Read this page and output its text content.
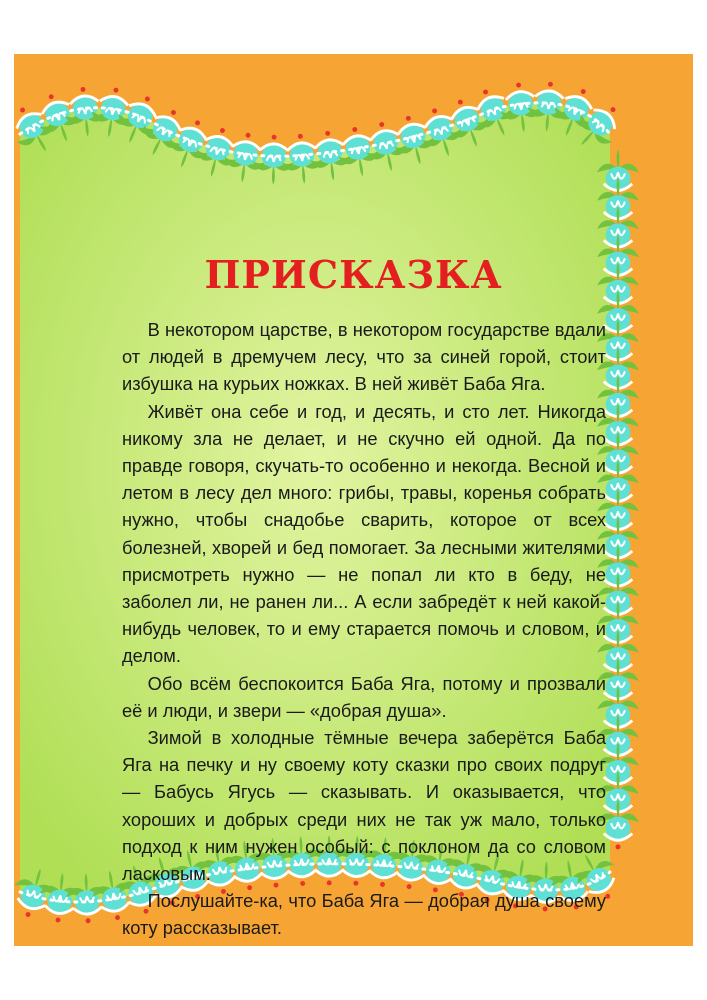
ПРИСКАЗКА

В некотором царстве, в некотором государстве вдали от людей в дремучем лесу, что за синей горой, стоит избушка на курьих ножках. В ней живёт Баба Яга.

Живёт она себе и год, и десять, и сто лет. Никогда никому зла не делает, и не скучно ей одной. Да по правде говоря, скучать-то особенно и некогда. Весной и летом в лесу дел много: грибы, травы, коренья собрать нужно, чтобы снадобье сварить, которое от всех болезней, хворей и бед помогает. За лесными жителями присмотреть нужно — не попал ли кто в беду, не заболел ли, не ранен ли... А если забредёт к ней какой-нибудь человек, то и ему старается помочь и словом, и делом.

Обо всём беспокоится Баба Яга, потому и прозвали её и люди, и звери — «добрая душа».

Зимой в холодные тёмные вечера заберётся Баба Яга на печку и ну своему коту сказки про своих подруг — Бабусь Ягусь — сказывать. И оказывается, что хороших и добрых среди них не так уж мало, только подход к ним нужен особый: с поклоном да со словом ласковым.

Послушайте-ка, что Баба Яга — добрая душа своему коту рассказывает.
